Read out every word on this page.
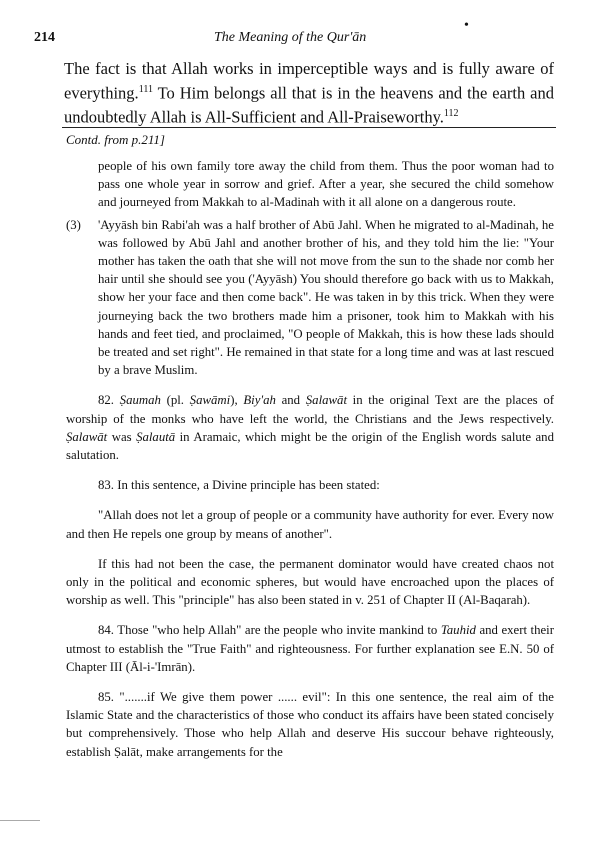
214	The Meaning of the Qur'ān
•
The fact is that Allah works in imperceptible ways and is fully aware of everything.$^{111}$ To Him belongs all that is in the heavens and the earth and undoubtedly Allah is All-Sufficient and All-Praiseworthy.$^{112}$
Contd. from p.211]

people of his own family tore away the child from them. Thus the poor woman had to pass one whole year in sorrow and grief. After a year, she secured the child somehow and journeyed from Makkah to al-Madinah with it all alone on a dangerous route.

(3) 'Ayyāsh bin Rabi'ah was a half brother of Abū Jahl. When he migrated to al-Madinah, he was followed by Abū Jahl and another brother of his, and they told him the lie: "Your mother has taken the oath that she will not move from the sun to the shade nor comb her hair until she should see you ('Ayyāsh) You should therefore go back with us to Makkah, show her your face and then come back". He was taken in by this trick. When they were journeying back the two brothers made him a prisoner, took him to Makkah with his hands and feet tied, and proclaimed, "O people of Makkah, this is how these lads should be treated and set right". He remained in that state for a long time and was at last rescued by a brave Muslim.

82. Ṣaumah (pl. Ṣawāmi), Biy'ah and Ṣalawāt in the original Text are the places of worship of the monks who have left the world, the Christians and the Jews respectively. Ṣalawāt was Ṣalautā in Aramaic, which might be the origin of the English words salute and salutation.

83. In this sentence, a Divine principle has been stated:

"Allah does not let a group of people or a community have authority for ever. Every now and then He repels one group by means of another".

If this had not been the case, the permanent dominator would have created chaos not only in the political and economic spheres, but would have encroached upon the places of worship as well. This "principle" has also been stated in v. 251 of Chapter II (Al-Baqarah).

84. Those "who help Allah" are the people who invite mankind to Tauhid and exert their utmost to establish the "True Faith" and righteousness. For further explanation see E.N. 50 of Chapter III (Āl-i-'Imrān).

85. ".......if We give them power ...... evil": In this one sentence, the real aim of the Islamic State and the characteristics of those who conduct its affairs have been stated concisely but comprehensively. Those who help Allah and deserve His succour behave righteously, establish Ṣalāt, make arrangements for the
